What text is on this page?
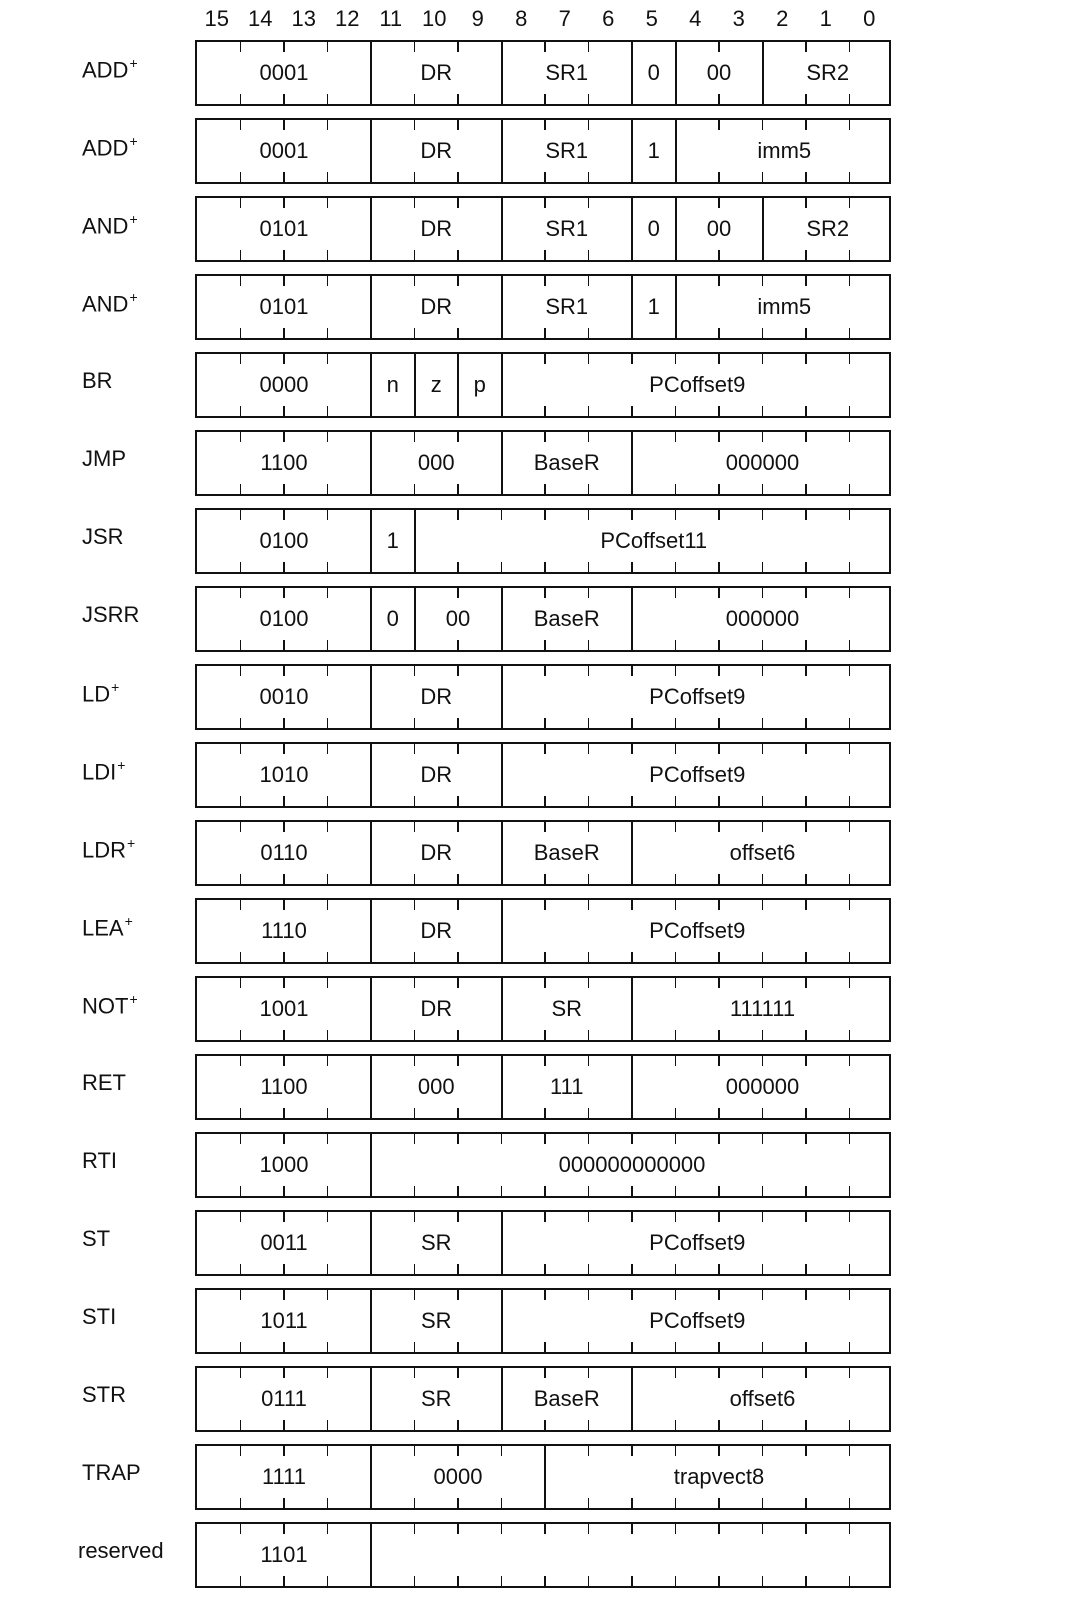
15 14 13 12 11 10	9	8	7	6	5	4	3	2	1	0
ADD+	0001	DR	SR1	0	00	SR2
ADD+	0001	DR	SR1	1	imm5
AND+	0101	DR	SR1	0	00	SR2
AND+	0101	DR	SR1	1	imm5
BR	0000	n	z	p	PCoffset9
JMP	1100	000	BaseR	000000
JSR	0100	1	PCoffset11
JSRR	0100	0	00	BaseR	000000
LD+	0010	DR	PCoffset9
LDI+	1010	DR	PCoffset9
LDR+	0110	DR	BaseR	offset6
LEA+	1110	DR	PCoffset9
NOT+	1001	DR	SR	111111
RET	1100	000	111	000000
RTI	1000	000000000000
ST	0011	SR	PCoffset9
STI	1011	SR	PCoffset9
STR	0111	SR	BaseR	offset6
TRAP	1111	0000	trapvect8
reserved	1101
